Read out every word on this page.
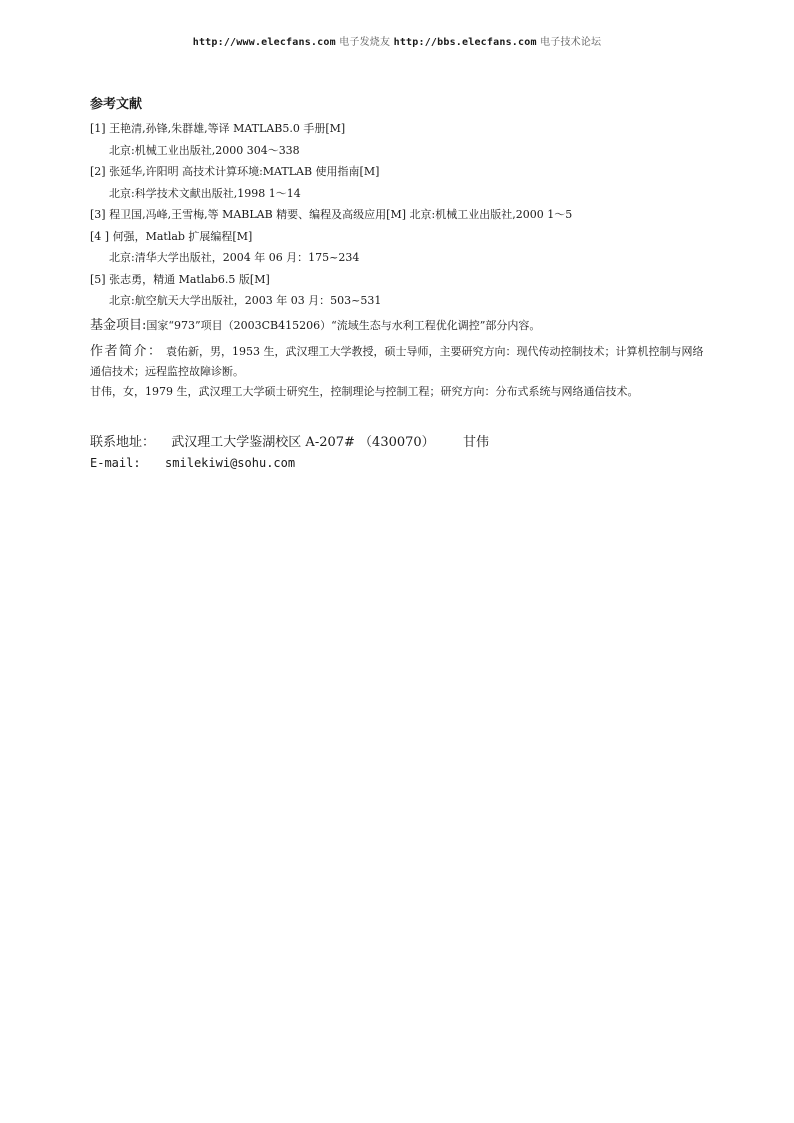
http://www.elecfans.com 电子发烧友 http://bbs.elecfans.com 电子技术论坛
参考文献
[1] 王艳清,孙锋,朱群雄,等译 MATLAB5.0 手册[M]
北京:机械工业出版社,2000 304～338
[2] 张延华,许阳明 高技术计算环境:MATLAB 使用指南[M]
北京:科学技术文献出版社,1998 1～14
[3] 程卫国,冯峰,王雪梅,等 MABLAB 精要、编程及高级应用[M] 北京:机械工业出版社,2000 1～5
[4 ] 何强，Matlab 扩展编程[M]
北京:清华大学出版社，2004 年 06 月：175~234
[5] 张志勇，精通 Matlab6.5 版[M]
北京:航空航天大学出版社，2003 年 03 月：503~531
基金项目:国家“973”项目（2003CB415206）“流域生态与水利工程优化调控”部分内容。
作者简介： 袁佑新，男，1953 生，武汉理工大学教授，硕士导师，主要研究方向：现代传动控制技术；计算机控制与网络通信技术；远程监控故障诊断。
甘伟，女，1979 生，武汉理工大学硕士研究生，控制理论与控制工程；研究方向：分布式系统与网络通信技术。
联系地址： 武汉理工大学鉴湖校区 A-207# （430070） 甘伟
E-mail: smilekiwi@sohu.com
